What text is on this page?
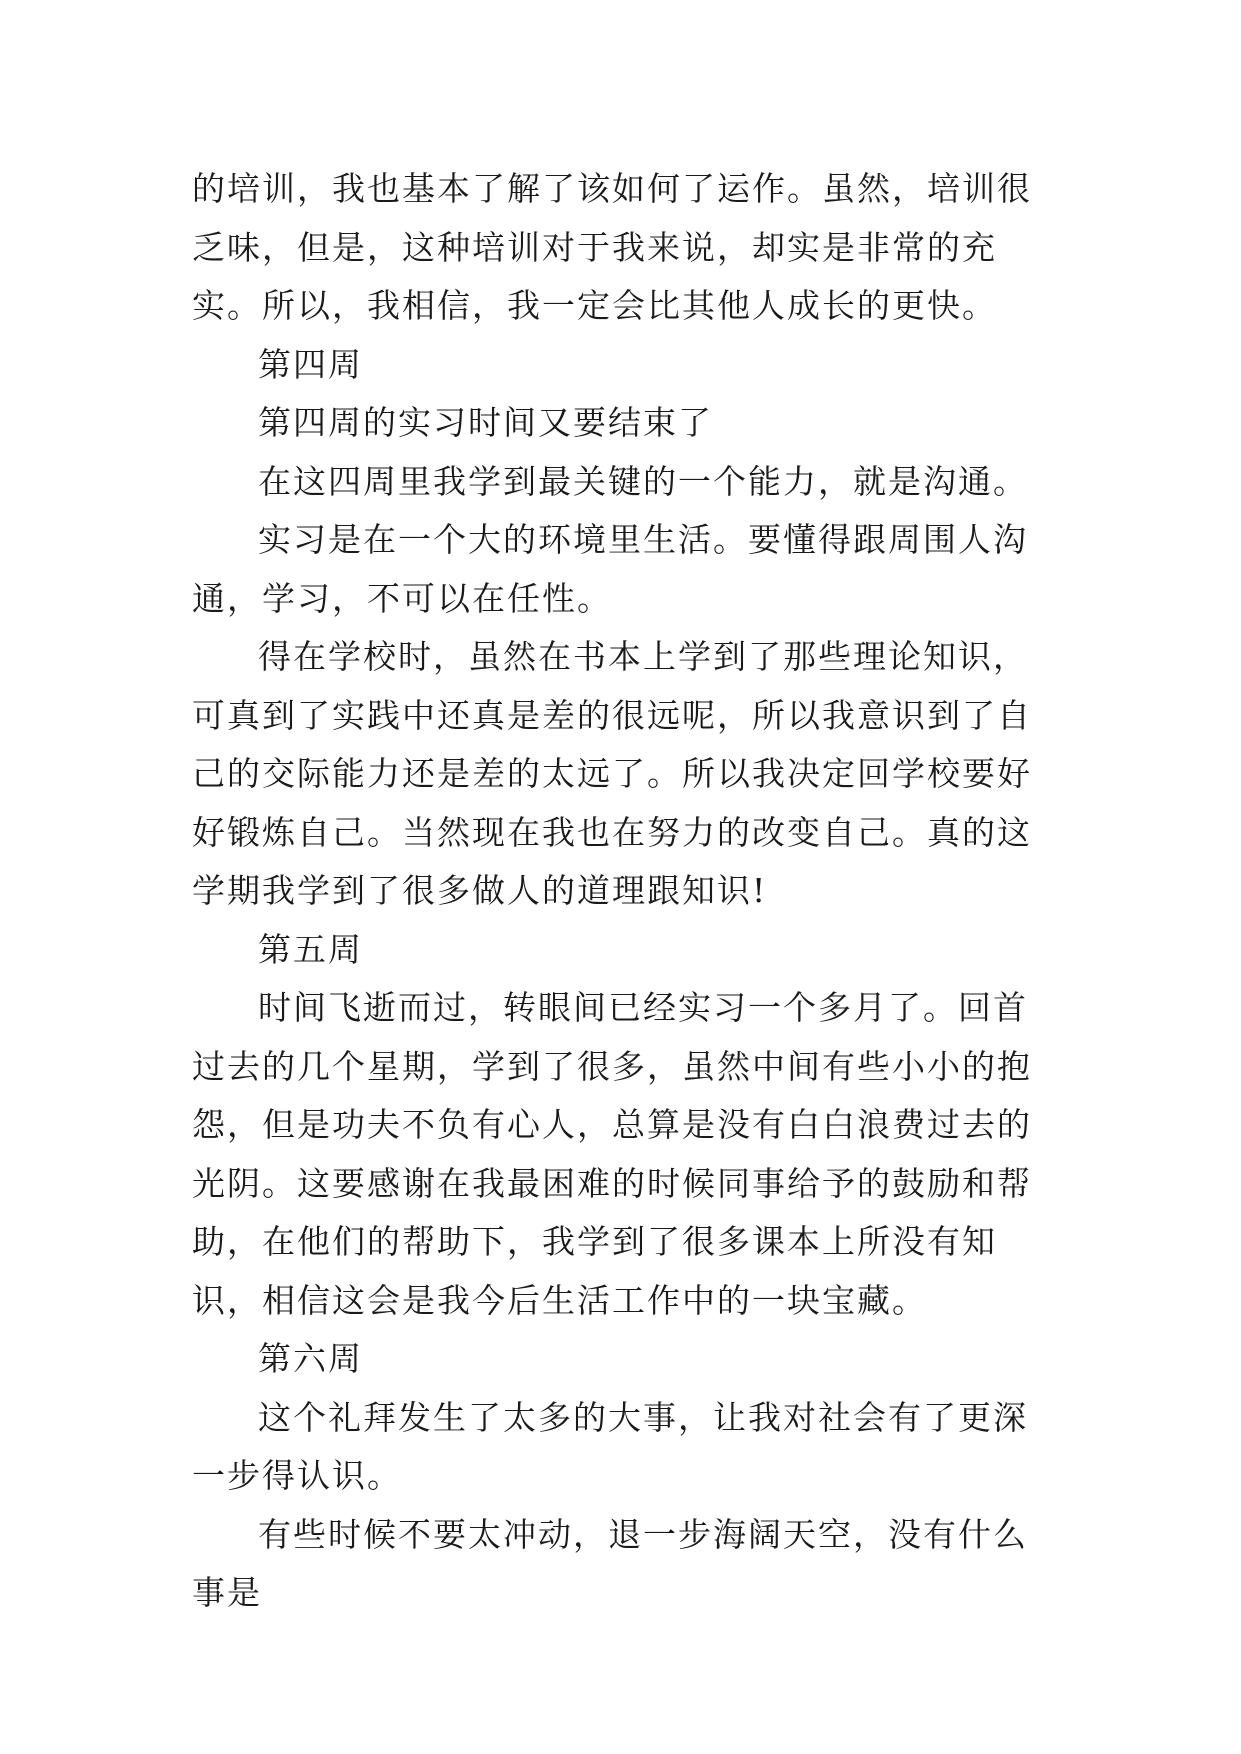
的培训，我也基本了解了该如何了运作。虽然，培训很乏味，但是，这种培训对于我来说，却实是非常的充实。所以，我相信，我一定会比其他人成长的更快。

第四周

第四周的实习时间又要结束了

在这四周里我学到最关键的一个能力，就是沟通。

实习是在一个大的环境里生活。要懂得跟周围人沟通，学习，不可以在任性。

得在学校时，虽然在书本上学到了那些理论知识，可真到了实践中还真是差的很远呢，所以我意识到了自己的交际能力还是差的太远了。所以我决定回学校要好好锻炼自己。当然现在我也在努力的改变自己。真的这学期我学到了很多做人的道理跟知识!

第五周

时间飞逝而过，转眼间已经实习一个多月了。回首过去的几个星期，学到了很多，虽然中间有些小小的抱怨，但是功夫不负有心人，总算是没有白白浪费过去的光阴。这要感谢在我最困难的时候同事给予的鼓励和帮助，在他们的帮助下，我学到了很多课本上所没有知识，相信这会是我今后生活工作中的一块宝藏。

第六周

这个礼拜发生了太多的大事，让我对社会有了更深一步得认识。

有些时候不要太冲动，退一步海阔天空，没有什么事是
